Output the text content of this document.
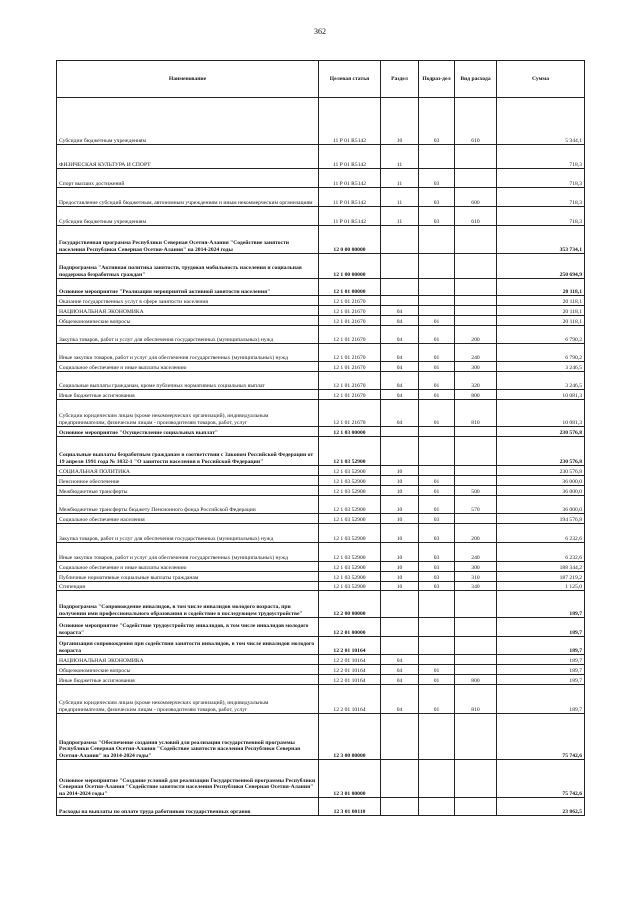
362
Наименование	Целевая статья	Раздел	Подраз-дел	Вид расхода	Сумма
Субсидии бюджетным учреждениям	11 Р 01 R5142	10	03	610	5 344,1
ФИЗИЧЕСКАЯ КУЛЬТУРА И СПОРТ	11 Р 01 R5142	11			718,3
Спорт высших достижений	11 Р 01 R5142	11	03		718,3
Предоставление субсидий бюджетным, автономным учреждениям и иным некоммерческим организациям	11 Р 01 R5142	11	03	600	718,3
Субсидии бюджетным учреждениям	11 Р 01 R5142	11	03	610	718,3
Государственная программа Республики Северная Осетия-Алания "Содействие занятости населения Республики Северная Осетия-Алания" на 2014-2024 годы	12 0 00 00000				353 734,1
Подпрограмма "Активная политика занятости, трудовая мобильность населения и социальная поддержка безработных граждан"	12 1 00 00000				250 694,9
Основное мероприятие "Реализация мероприятий активной занятости населения"	12 1 01 00000				20 118,1
Оказание государственных услуг в сфере занятости населения	12 1 01 21670				20 118,1
НАЦИОНАЛЬНАЯ ЭКОНОМИКА	12 1 01 21670	04			20 118,1
Общеэкономические вопросы	12 1 01 21670	04	01		20 118,1
Закупка товаров, работ и услуг для обеспечения государственных (муниципальных) нужд	12 1 01 21670	04	01	200	6 790,2
Иные закупки товаров, работ и услуг для обеспечения государственных (муниципальных) нужд	12 1 01 21670	04	01	240	6 790,2
Социальное обеспечение и иные выплаты населению	12 1 01 21670	04	01	300	3 246,5
Социальные выплаты гражданам, кроме публичных нормативных социальных выплат	12 1 01 21670	04	01	320	3 246,5
Иные бюджетные ассигнования	12 1 01 21670	04	01	800	10 081,3
Субсидии юридическим лицам (кроме некоммерческих организаций), индивидуальным предпринимателям, физическим лицам - производителям товаров, работ, услуг	12 1 01 21670	04	01	810	10 081,3
Основное мероприятие "Осуществление социальных выплат"	12 1 03 00000				230 576,8
Социальные выплаты безработным гражданам в соответствии с Законом Российской Федерации от 19 апреля 1991 года № 1032-1 "О занятости населения в Российской Федерации"	12 1 03 52900				230 576,8
СОЦИАЛЬНАЯ ПОЛИТИКА	12 1 03 52900	10			230 576,8
Пенсионное обеспечение	12 1 03 52900	10	01		36 000,0
Межбюджетные трансферты	12 1 03 52900	10	01	500	36 000,0
Межбюджетные трансферты бюджету Пенсионного фонда Российской Федерации	12 1 03 52900	10	01	570	36 000,0
Социальное обеспечение населения	12 1 03 52900	10	03		194 576,8
Закупка товаров, работ и услуг для обеспечения государственных (муниципальных) нужд	12 1 03 52900	10	03	200	6 232,6
Иные закупки товаров, работ и услуг для обеспечения государственных (муниципальных) нужд	12 1 03 52900	10	03	240	6 232,6
Социальное обеспечение и иные выплаты населению	12 1 03 52900	10	03	300	188 344,2
Публичные нормативные социальные выплаты гражданам	12 1 03 52900	10	03	310	187 219,2
Стипендии	12 1 03 52900	10	03	340	1 125,0
Подпрограмма "Сопровождение инвалидов, в том числе инвалидов молодого возраста, при получении ими профессионального образования и содействие в последующем трудоустройстве"	12 2 00 00000				189,7
Основное мероприятие "Содействие трудоустройству инвалидов, в том числе инвалидов молодого возраста"	12 2 01 00000				189,7
Организация сопровождения при содействии занятости инвалидов, в том числе инвалидов молодого возраста	12 2 01 10164				189,7
НАЦИОНАЛЬНАЯ ЭКОНОМИКА	12 2 01 10164	04			189,7
Общеэкономические вопросы	12 2 01 10164	04	01		189,7
Иные бюджетные ассигнования	12 2 01 10164	04	01	800	189,7
Субсидии юридическим лицам (кроме некоммерческих организаций), индивидуальным предпринимателям, физическим лицам - производителям товаров, работ, услуг	12 2 01 10164	04	01	810	189,7
Подпрограмма "Обеспечение создания условий для реализации государственной программы Республики Северная Осетия-Алания "Содействие занятости населения Республики Северная Осетия-Алания" на 2014-2024 годы"	12 3 00 00000				75 742,6
Основное мероприятие "Создание условий для реализации Государственной программы Республики Северная Осетия-Алания "Содействие занятости населения Республики Северная Осетия-Алания" на 2014-2024 годы"	12 3 01 00000				75 742,6
Расходы на выплаты по оплате труда работников государственных органов	12 3 01 00110				23 862,5
